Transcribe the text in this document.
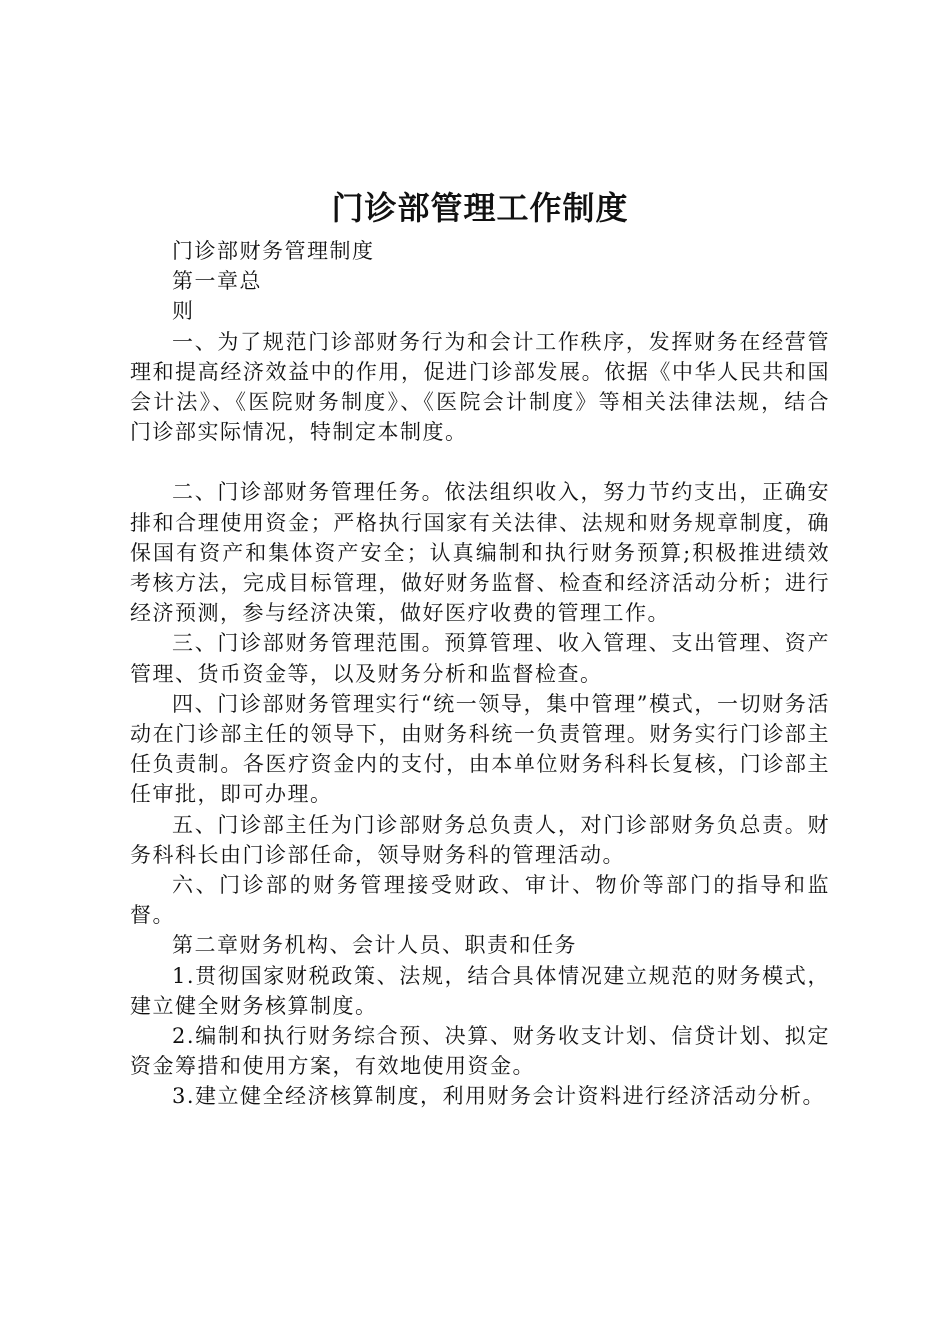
门诊部管理工作制度

门诊部财务管理制度

第一章总

则

一、为了规范门诊部财务行为和会计工作秩序，发挥财务在经营管理和提高经济效益中的作用，促进门诊部发展。依据《中华人民共和国会计法》、《医院财务制度》、《医院会计制度》等相关法律法规，结合门诊部实际情况，特制定本制度。

二、门诊部财务管理任务。依法组织收入，努力节约支出，正确安排和合理使用资金；严格执行国家有关法律、法规和财务规章制度，确保国有资产和集体资产安全；认真编制和执行财务预算;积极推进绩效考核方法，完成目标管理，做好财务监督、检查和经济活动分析；进行经济预测，参与经济决策，做好医疗收费的管理工作。

三、门诊部财务管理范围。预算管理、收入管理、支出管理、资产管理、货币资金等，以及财务分析和监督检查。

四、门诊部财务管理实行“统一领导，集中管理”模式，一切财务活动在门诊部主任的领导下，由财务科统一负责管理。财务实行门诊部主任负责制。各医疗资金内的支付，由本单位财务科科长复核，门诊部主任审批，即可办理。

五、门诊部主任为门诊部财务总负责人，对门诊部财务负总责。财务科科长由门诊部任命，领导财务科的管理活动。

六、门诊部的财务管理接受财政、审计、物价等部门的指导和监督。

第二章财务机构、会计人员、职责和任务

1.贯彻国家财税政策、法规，结合具体情况建立规范的财务模式，建立健全财务核算制度。

2.编制和执行财务综合预、决算、财务收支计划、信贷计划、拟定资金筹措和使用方案，有效地使用资金。

3.建立健全经济核算制度，利用财务会计资料进行经济活动分析。
